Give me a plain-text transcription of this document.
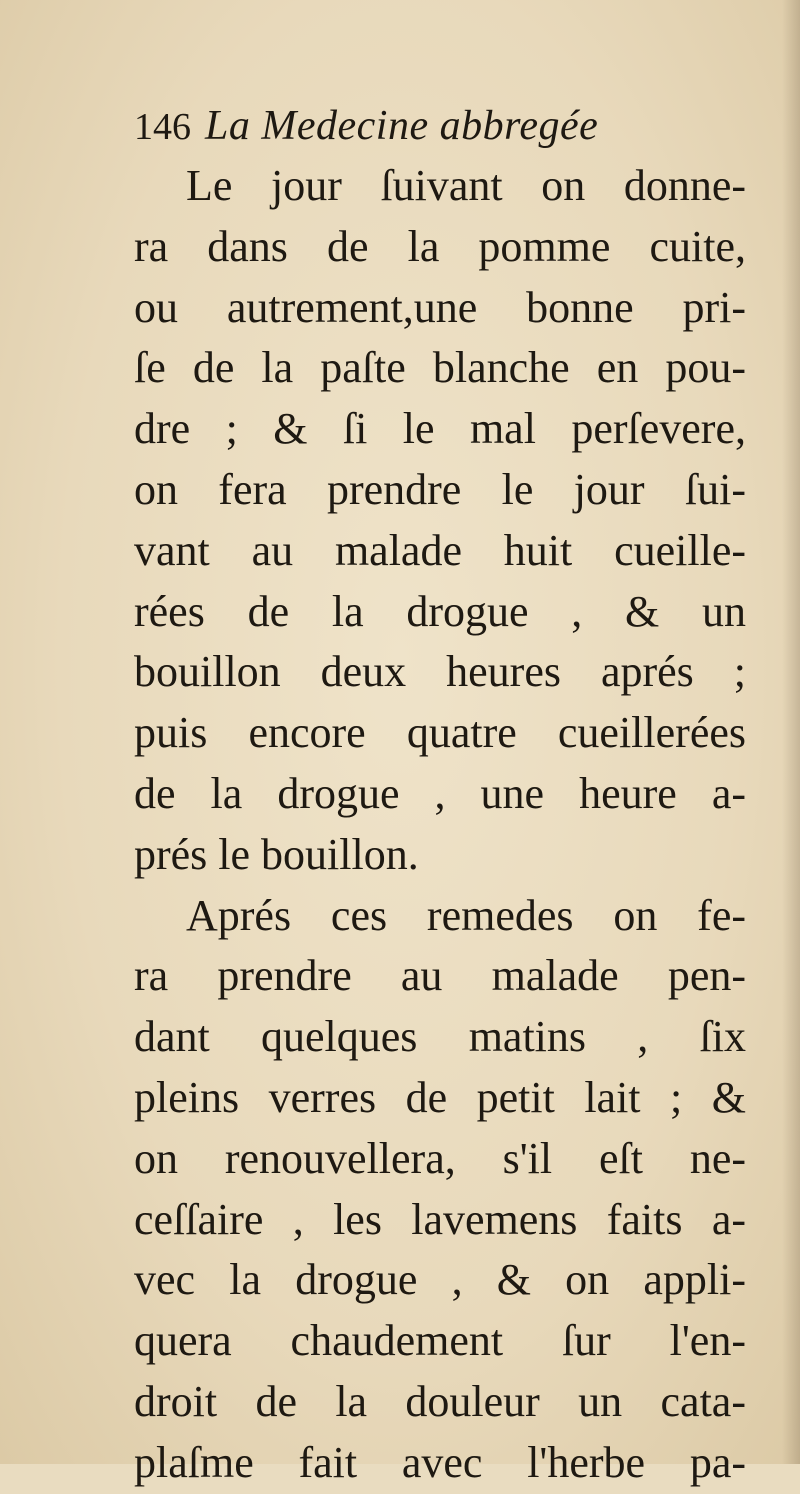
146 La Medecine abbregée
Le jour ſuivant on donne-
ra dans de la pomme cuite,
ou autrement,une bonne pri-
ſe de la paſte blanche en pou-
dre ; & ſi le mal perſevere,
on fera prendre le jour ſui-
vant au malade huit cueille-
rées de la drogue , & un
bouillon deux heures aprés ;
puis encore quatre cueillerées
de la drogue , une heure a-
prés le bouillon.
Aprés ces remedes on fe-
ra prendre au malade pen-
dant quelques matins , ſix
pleins verres de petit lait ; &
on renouvellera, s'il eſt ne-
ceſſaire , les lavemens faits a-
vec la drogue , & on appli-
quera chaudement ſur l'en-
droit de la douleur un cata-
plaſme fait avec l'herbe pa-
